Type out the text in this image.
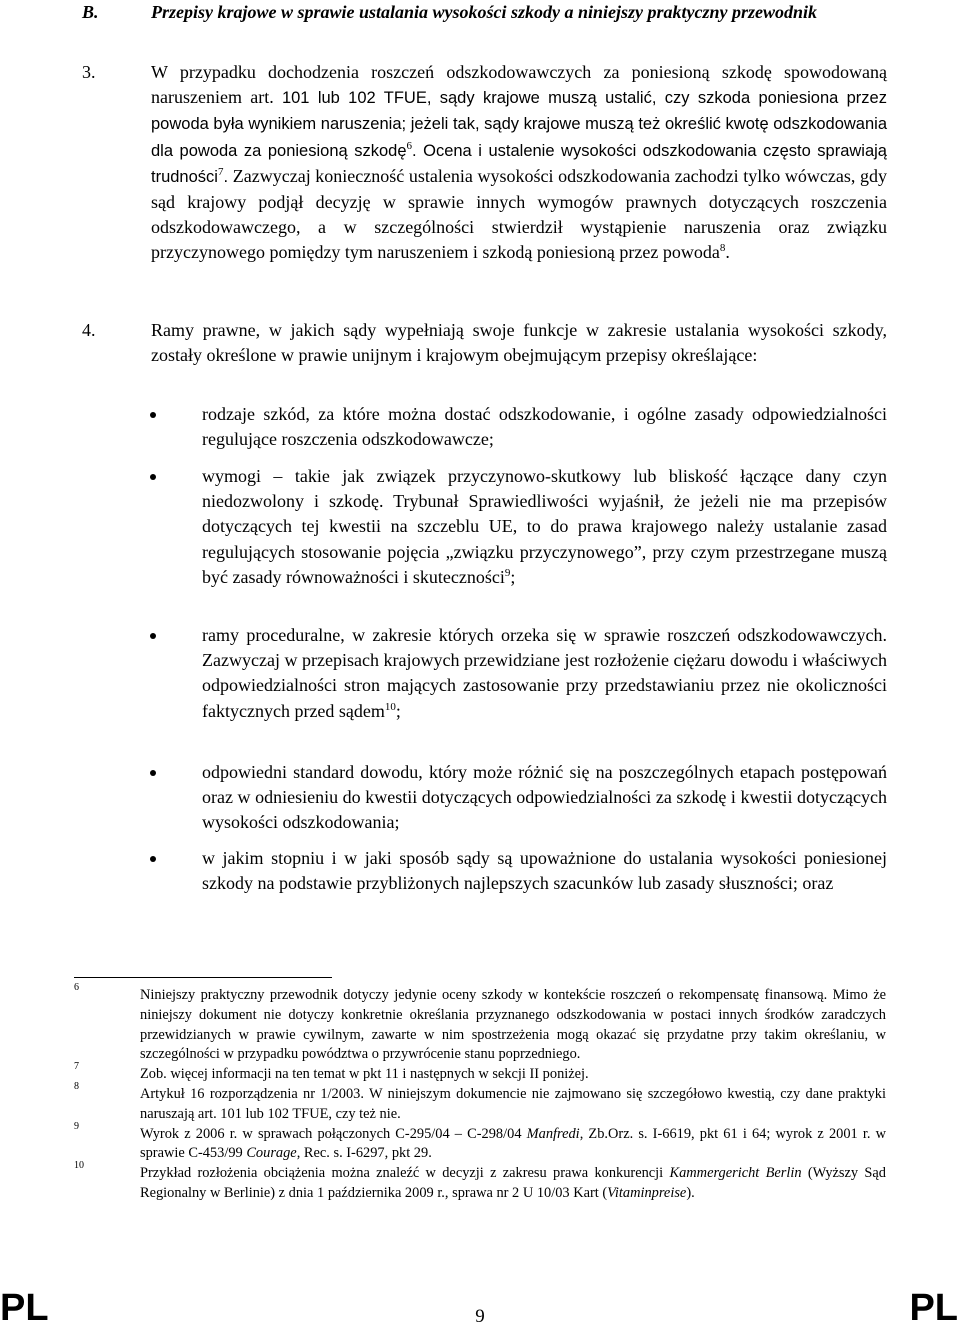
B.	Przepisy krajowe w sprawie ustalania wysokości szkody a niniejszy praktyczny przewodnik
3.	W przypadku dochodzenia roszczeń odszkodowawczych za poniesioną szkodę spowodowaną naruszeniem art. 101 lub 102 TFUE, sądy krajowe muszą ustalić, czy szkoda poniesiona przez powoda była wynikiem naruszenia; jeżeli tak, sądy krajowe muszą też określić kwotę odszkodowania dla powoda za poniesioną szkodę$^6$. Ocena i ustalenie wysokości odszkodowania często sprawiają trudności$^7$. Zazwyczaj konieczność ustalenia wysokości odszkodowania zachodzi tylko wówczas, gdy sąd krajowy podjął decyzję w sprawie innych wymogów prawnych dotyczących roszczenia odszkodowawczego, a w szczególności stwierdził wystąpienie naruszenia oraz związku przyczynowego pomiędzy tym naruszeniem i szkodą poniesioną przez powoda$^8$.
4.	Ramy prawne, w jakich sądy wypełniają swoje funkcje w zakresie ustalania wysokości szkody, zostały określone w prawie unijnym i krajowym obejmującym przepisy określające:
rodzaje szkód, za które można dostać odszkodowanie, i ogólne zasady odpowiedzialności regulujące roszczenia odszkodowawcze;
wymogi – takie jak związek przyczynowo-skutkowy lub bliskość łączące dany czyn niedozwolony i szkodę. Trybunał Sprawiedliwości wyjaśnił, że jeżeli nie ma przepisów dotyczących tej kwestii na szczeblu UE, to do prawa krajowego należy ustalanie zasad regulujących stosowanie pojęcia „związku przyczynowego”, przy czym przestrzegane muszą być zasady równoważności i skuteczności$^9$;
ramy proceduralne, w zakresie których orzeka się w sprawie roszczeń odszkodowawczych. Zazwyczaj w przepisach krajowych przewidziane jest rozłożenie ciężaru dowodu i właściwych odpowiedzialności stron mających zastosowanie przy przedstawianiu przez nie okoliczności faktycznych przed sądem$^{10}$;
odpowiedni standard dowodu, który może różnić się na poszczególnych etapach postępowań oraz w odniesieniu do kwestii dotyczących odpowiedzialności za szkodę i kwestii dotyczących wysokości odszkodowania;
w jakim stopniu i w jaki sposób sądy są upoważnione do ustalania wysokości poniesionej szkody na podstawie przybliżonych najlepszych szacunków lub zasady słuszności; oraz
6	Niniejszy praktyczny przewodnik dotyczy jedynie oceny szkody w kontekście roszczeń o rekompensatę finansową. Mimo że niniejszy dokument nie dotyczy konkretnie określania przyznanego odszkodowania w postaci innych środków zaradczych przewidzianych w prawie cywilnym, zawarte w nim spostrzeżenia mogą okazać się przydatne przy takim określaniu, w szczególności w przypadku powództwa o przywrócenie stanu poprzedniego.
7	Zob. więcej informacji na ten temat w pkt 11 i następnych w sekcji II poniżej.
8	Artykuł 16 rozporządzenia nr 1/2003. W niniejszym dokumencie nie zajmowano się szczegółowo kwestią, czy dane praktyki naruszają art. 101 lub 102 TFUE, czy też nie.
9	Wyrok z 2006 r. w sprawach połączonych C-295/04 – C-298/04 Manfredi, Zb.Orz. s. I-6619, pkt 61 i 64; wyrok z 2001 r. w sprawie C-453/99 Courage, Rec. s. I-6297, pkt 29.
10	Przykład rozłożenia obciążenia można znaleźć w decyzji z zakresu prawa konkurencji Kammergericht Berlin (Wyższy Sąd Regionalny w Berlinie) z dnia 1 października 2009 r., sprawa nr 2 U 10/03 Kart (Vitaminpreise).
PL	9	PL
